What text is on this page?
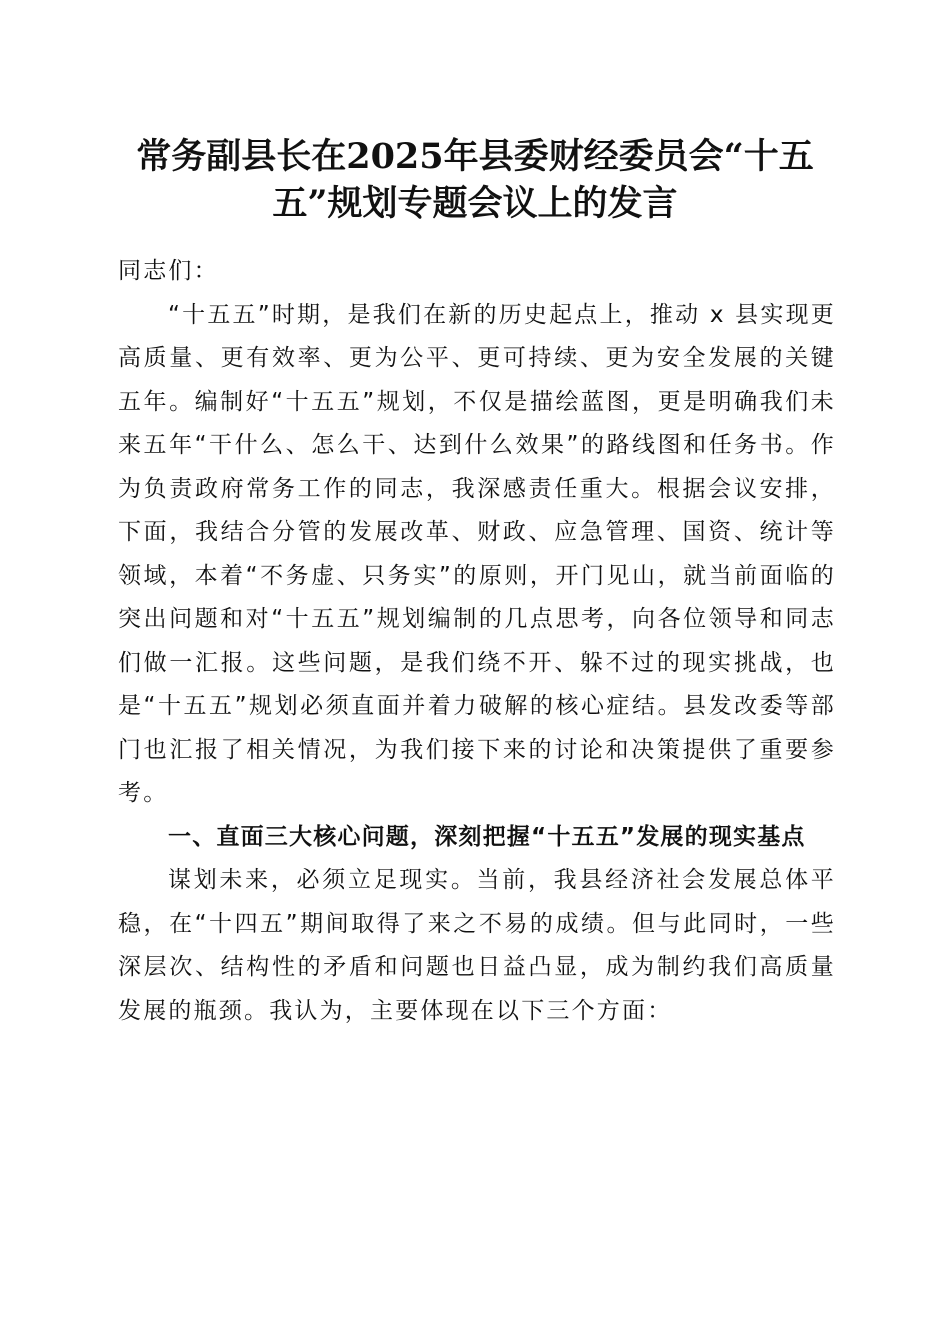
常务副县长在2025年县委财经委员会“十五
五”规划专题会议上的发言

同志们：

“十五五”时期，是我们在新的历史起点上，推动 x 县实现更高质量、更有效率、更为公平、更可持续、更为安全发展的关键五年。编制好“十五五”规划，不仅是描绘蓝图，更是明确我们未来五年“干什么、怎么干、达到什么效果”的路线图和任务书。作为负责政府常务工作的同志，我深感责任重大。根据会议安排，下面，我结合分管的发展改革、财政、应急管理、国资、统计等领域，本着“不务虚、只务实”的原则，开门见山，就当前面临的突出问题和对“十五五”规划编制的几点思考，向各位领导和同志们做一汇报。这些问题，是我们绕不开、躲不过的现实挑战，也是“十五五”规划必须直面并着力破解的核心症结。县发改委等部门也汇报了相关情况，为我们接下来的讨论和决策提供了重要参考。

一、直面三大核心问题，深刻把握“十五五”发展的现实基点

谋划未来，必须立足现实。当前，我县经济社会发展总体平稳，在“十四五”期间取得了来之不易的成绩。但与此同时，一些深层次、结构性的矛盾和问题也日益凸显，成为制约我们高质量发展的瓶颈。我认为，主要体现在以下三个方面：
